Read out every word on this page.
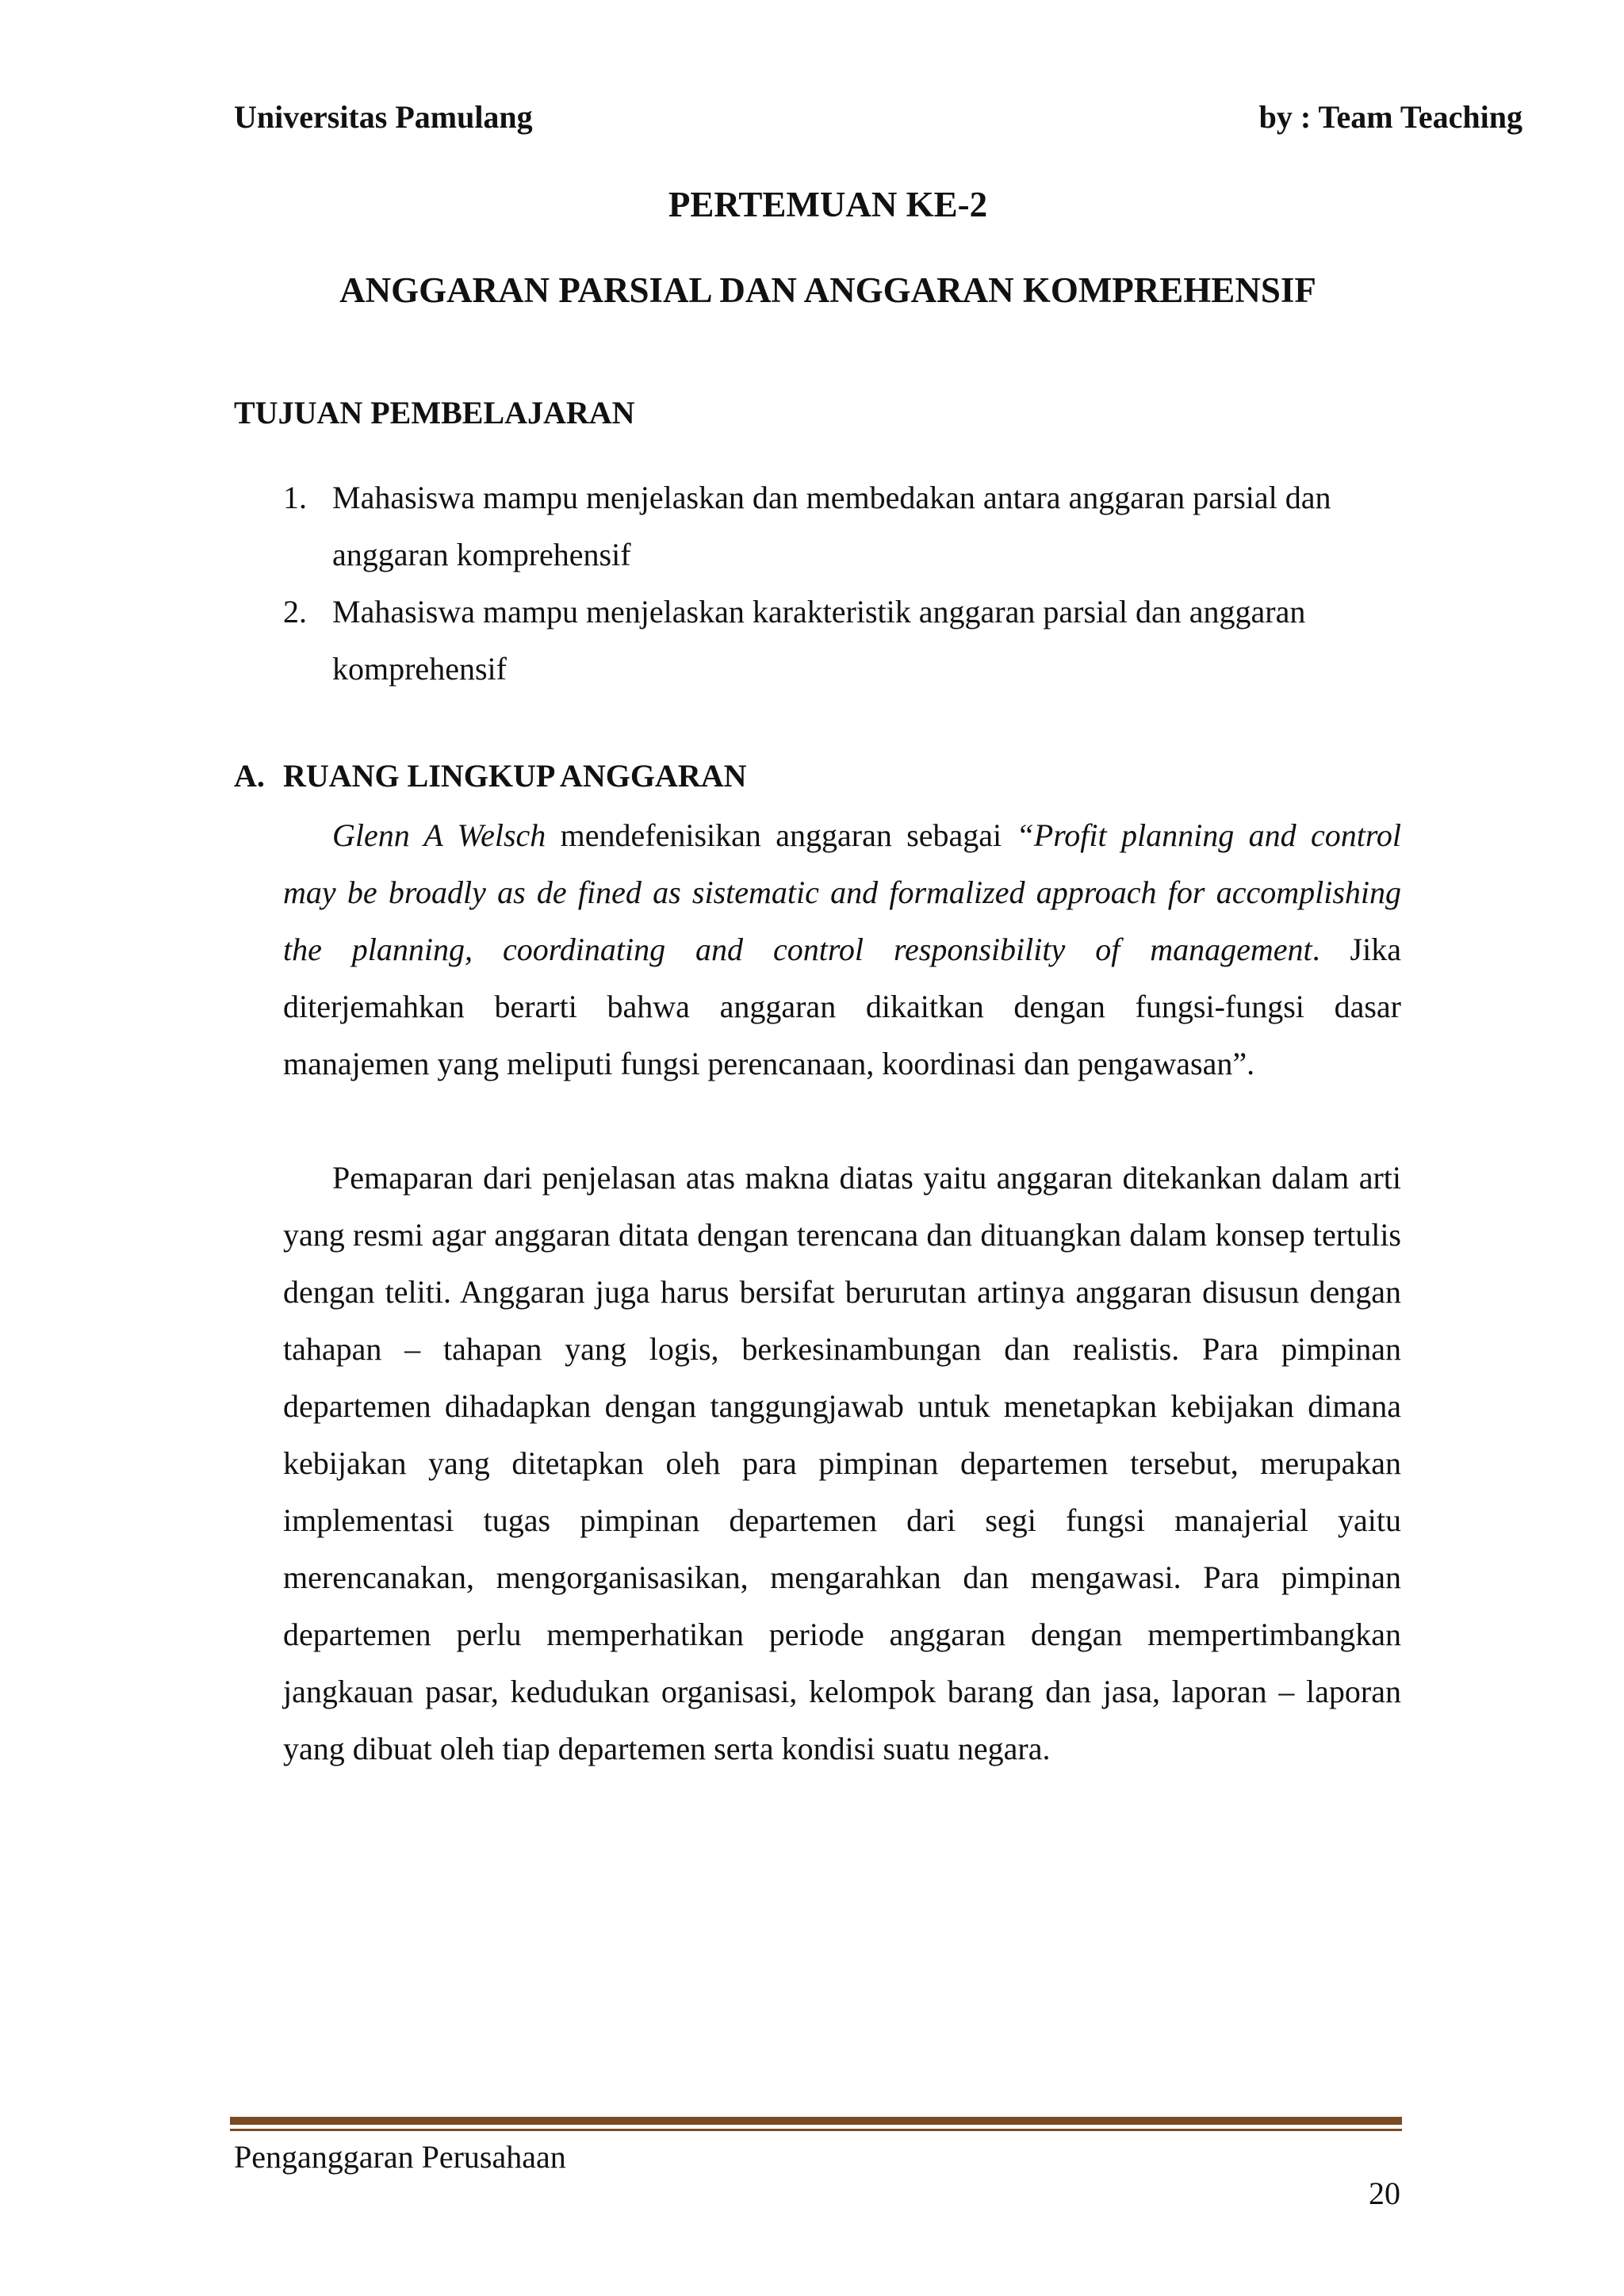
Universitas Pamulang	by : Team Teaching
PERTEMUAN KE-2
ANGGARAN PARSIAL DAN ANGGARAN KOMPREHENSIF
TUJUAN PEMBELAJARAN
1. Mahasiswa mampu menjelaskan dan membedakan antara anggaran parsial dan anggaran komprehensif
2. Mahasiswa mampu menjelaskan karakteristik anggaran parsial dan anggaran komprehensif
A. RUANG LINGKUP ANGGARAN

Glenn A Welsch mendefenisikan anggaran sebagai “Profit planning and control may be broadly as de fined as sistematic and formalized approach for accomplishing the planning, coordinating and control responsibility of management. Jika diterjemahkan berarti bahwa anggaran dikaitkan dengan fungsi-fungsi dasar manajemen yang meliputi fungsi perencanaan, koordinasi dan pengawasan”.

Pemaparan dari penjelasan atas makna diatas yaitu anggaran ditekankan dalam arti yang resmi agar anggaran ditata dengan terencana dan dituangkan dalam konsep tertulis dengan teliti. Anggaran juga harus bersifat berurutan artinya anggaran disusun dengan tahapan – tahapan yang logis, berkesinambungan dan realistis. Para pimpinan departemen dihadapkan dengan tanggungjawab untuk menetapkan kebijakan dimana kebijakan yang ditetapkan oleh para pimpinan departemen tersebut, merupakan implementasi tugas pimpinan departemen dari segi fungsi manajerial yaitu merencanakan, mengorganisasikan, mengarahkan dan mengawasi. Para pimpinan departemen perlu memperhatikan periode anggaran dengan mempertimbangkan jangkauan pasar, kedudukan organisasi, kelompok barang dan jasa, laporan – laporan yang dibuat oleh tiap departemen serta kondisi suatu negara.

Penganggaran Perusahaan
20
